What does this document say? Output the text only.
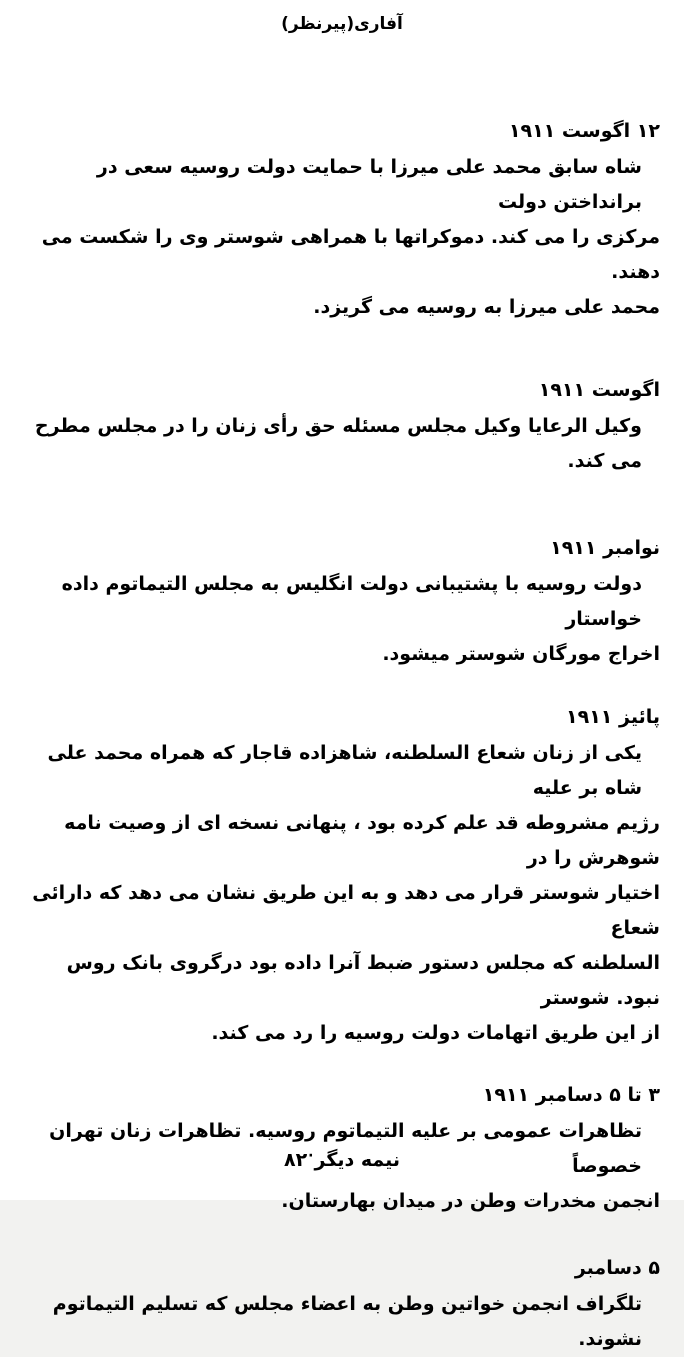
آفاری(پیرنظر)
۱۲ اگوست ۱۹۱۱
شاه سابق محمد علی میرزا با حمایت دولت روسیه سعی در برانداختن دولت
مرکزی را می کند. دموکراتها با همراهی شوستر وی را شکست می دهند.
محمد علی میرزا به روسیه می گریزد.
اگوست ۱۹۱۱
وکیل الرعایا وکیل مجلس مسئله حق رأی زنان را در مجلس مطرح می کند.
نوامبر ۱۹۱۱
دولت روسیه با پشتیبانی دولت انگلیس به مجلس التیماتوم داده خواستار
اخراج مورگان شوستر میشود.
پائیز ۱۹۱۱
یکی از زنان شعاع السلطنه، شاهزاده قاجار که همراه محمد علی شاه بر علیه
رژیم مشروطه قد علم کرده بود ، پنهانی نسخه ای از وصیت نامه شوهرش را در
اختیار شوستر قرار می دهد و به این طریق نشان می دهد که دارائی شعاع
السلطنه که مجلس دستور ضبط آنرا داده بود درگروی بانک روس نبود. شوستر
از این طریق اتهامات دولت روسیه را رد می کند.
۳ تا ۵ دسامبر ۱۹۱۱
تظاهرات عمومی بر علیه التیماتوم روسیه. تظاهرات زنان تهران خصوصاً
انجمن مخدرات وطن در میدان بهارستان.
۵ دسامبر
تلگراف انجمن خواتین وطن به اعضاء مجلس که تسلیم التیماتوم نشوند.
نیمه دیگر·۸۲
